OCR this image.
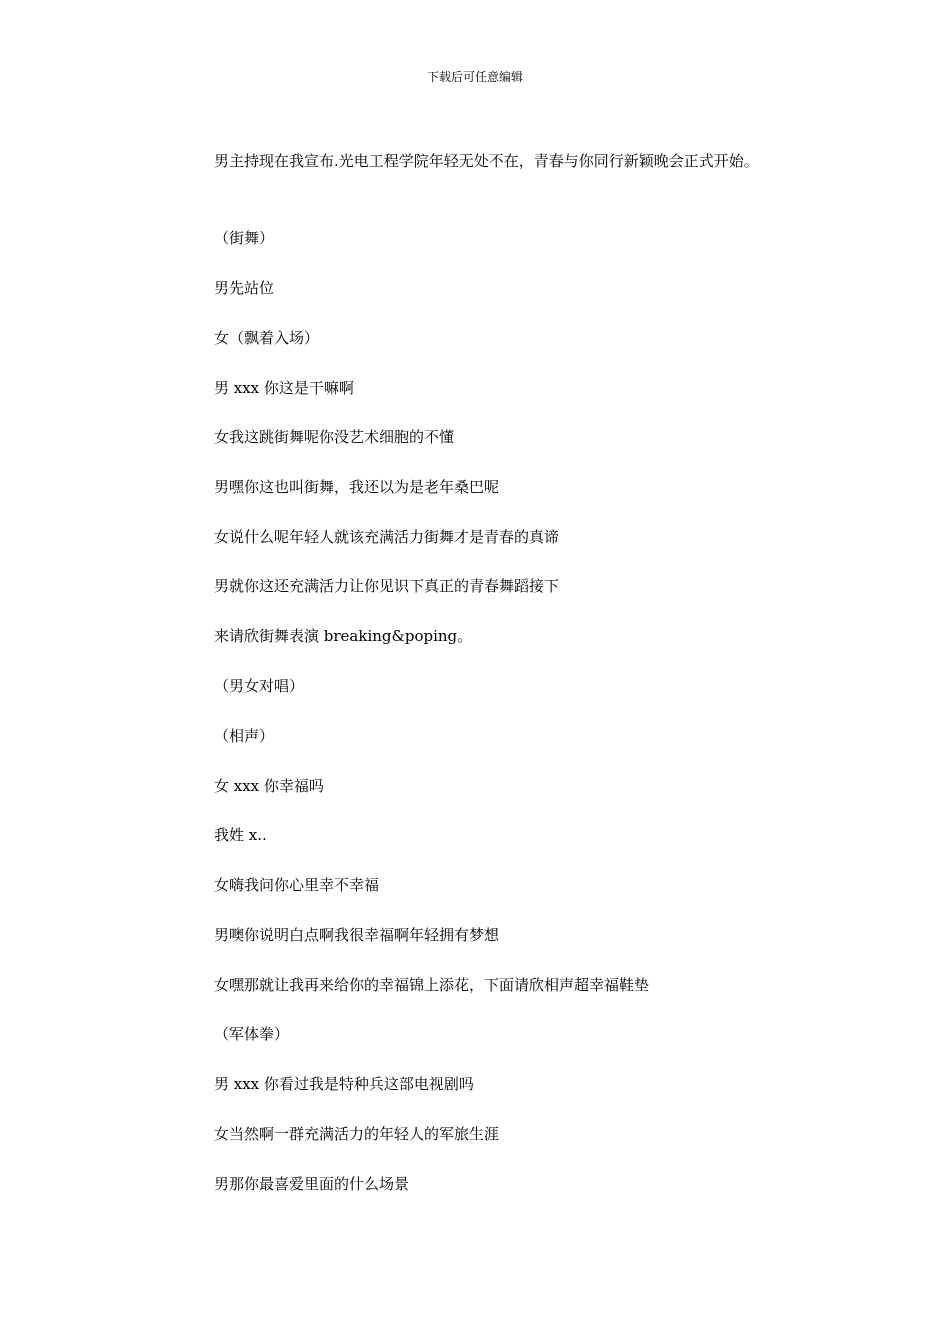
下载后可任意编辑
男主持现在我宣布.光电工程学院年轻无处不在，青春与你同行新颖晚会正式开始。
（街舞）
男先站位
女（飘着入场）
男 xxx 你这是干嘛啊
女我这跳街舞呢你没艺术细胞的不懂
男嘿你这也叫街舞，我还以为是老年桑巴呢
女说什么呢年轻人就该充满活力街舞才是青春的真谛
男就你这还充满活力让你见识下真正的青春舞蹈接下
来请欣街舞表演 breaking&poping。
（男女对唱）
（相声）
女 xxx 你幸福吗
我姓 x..
女嗨我问你心里幸不幸福
男噢你说明白点啊我很幸福啊年轻拥有梦想
女嘿那就让我再来给你的幸福锦上添花，下面请欣相声超幸福鞋垫
（军体拳）
男 xxx 你看过我是特种兵这部电视剧吗
女当然啊一群充满活力的年轻人的军旅生涯
男那你最喜爱里面的什么场景
